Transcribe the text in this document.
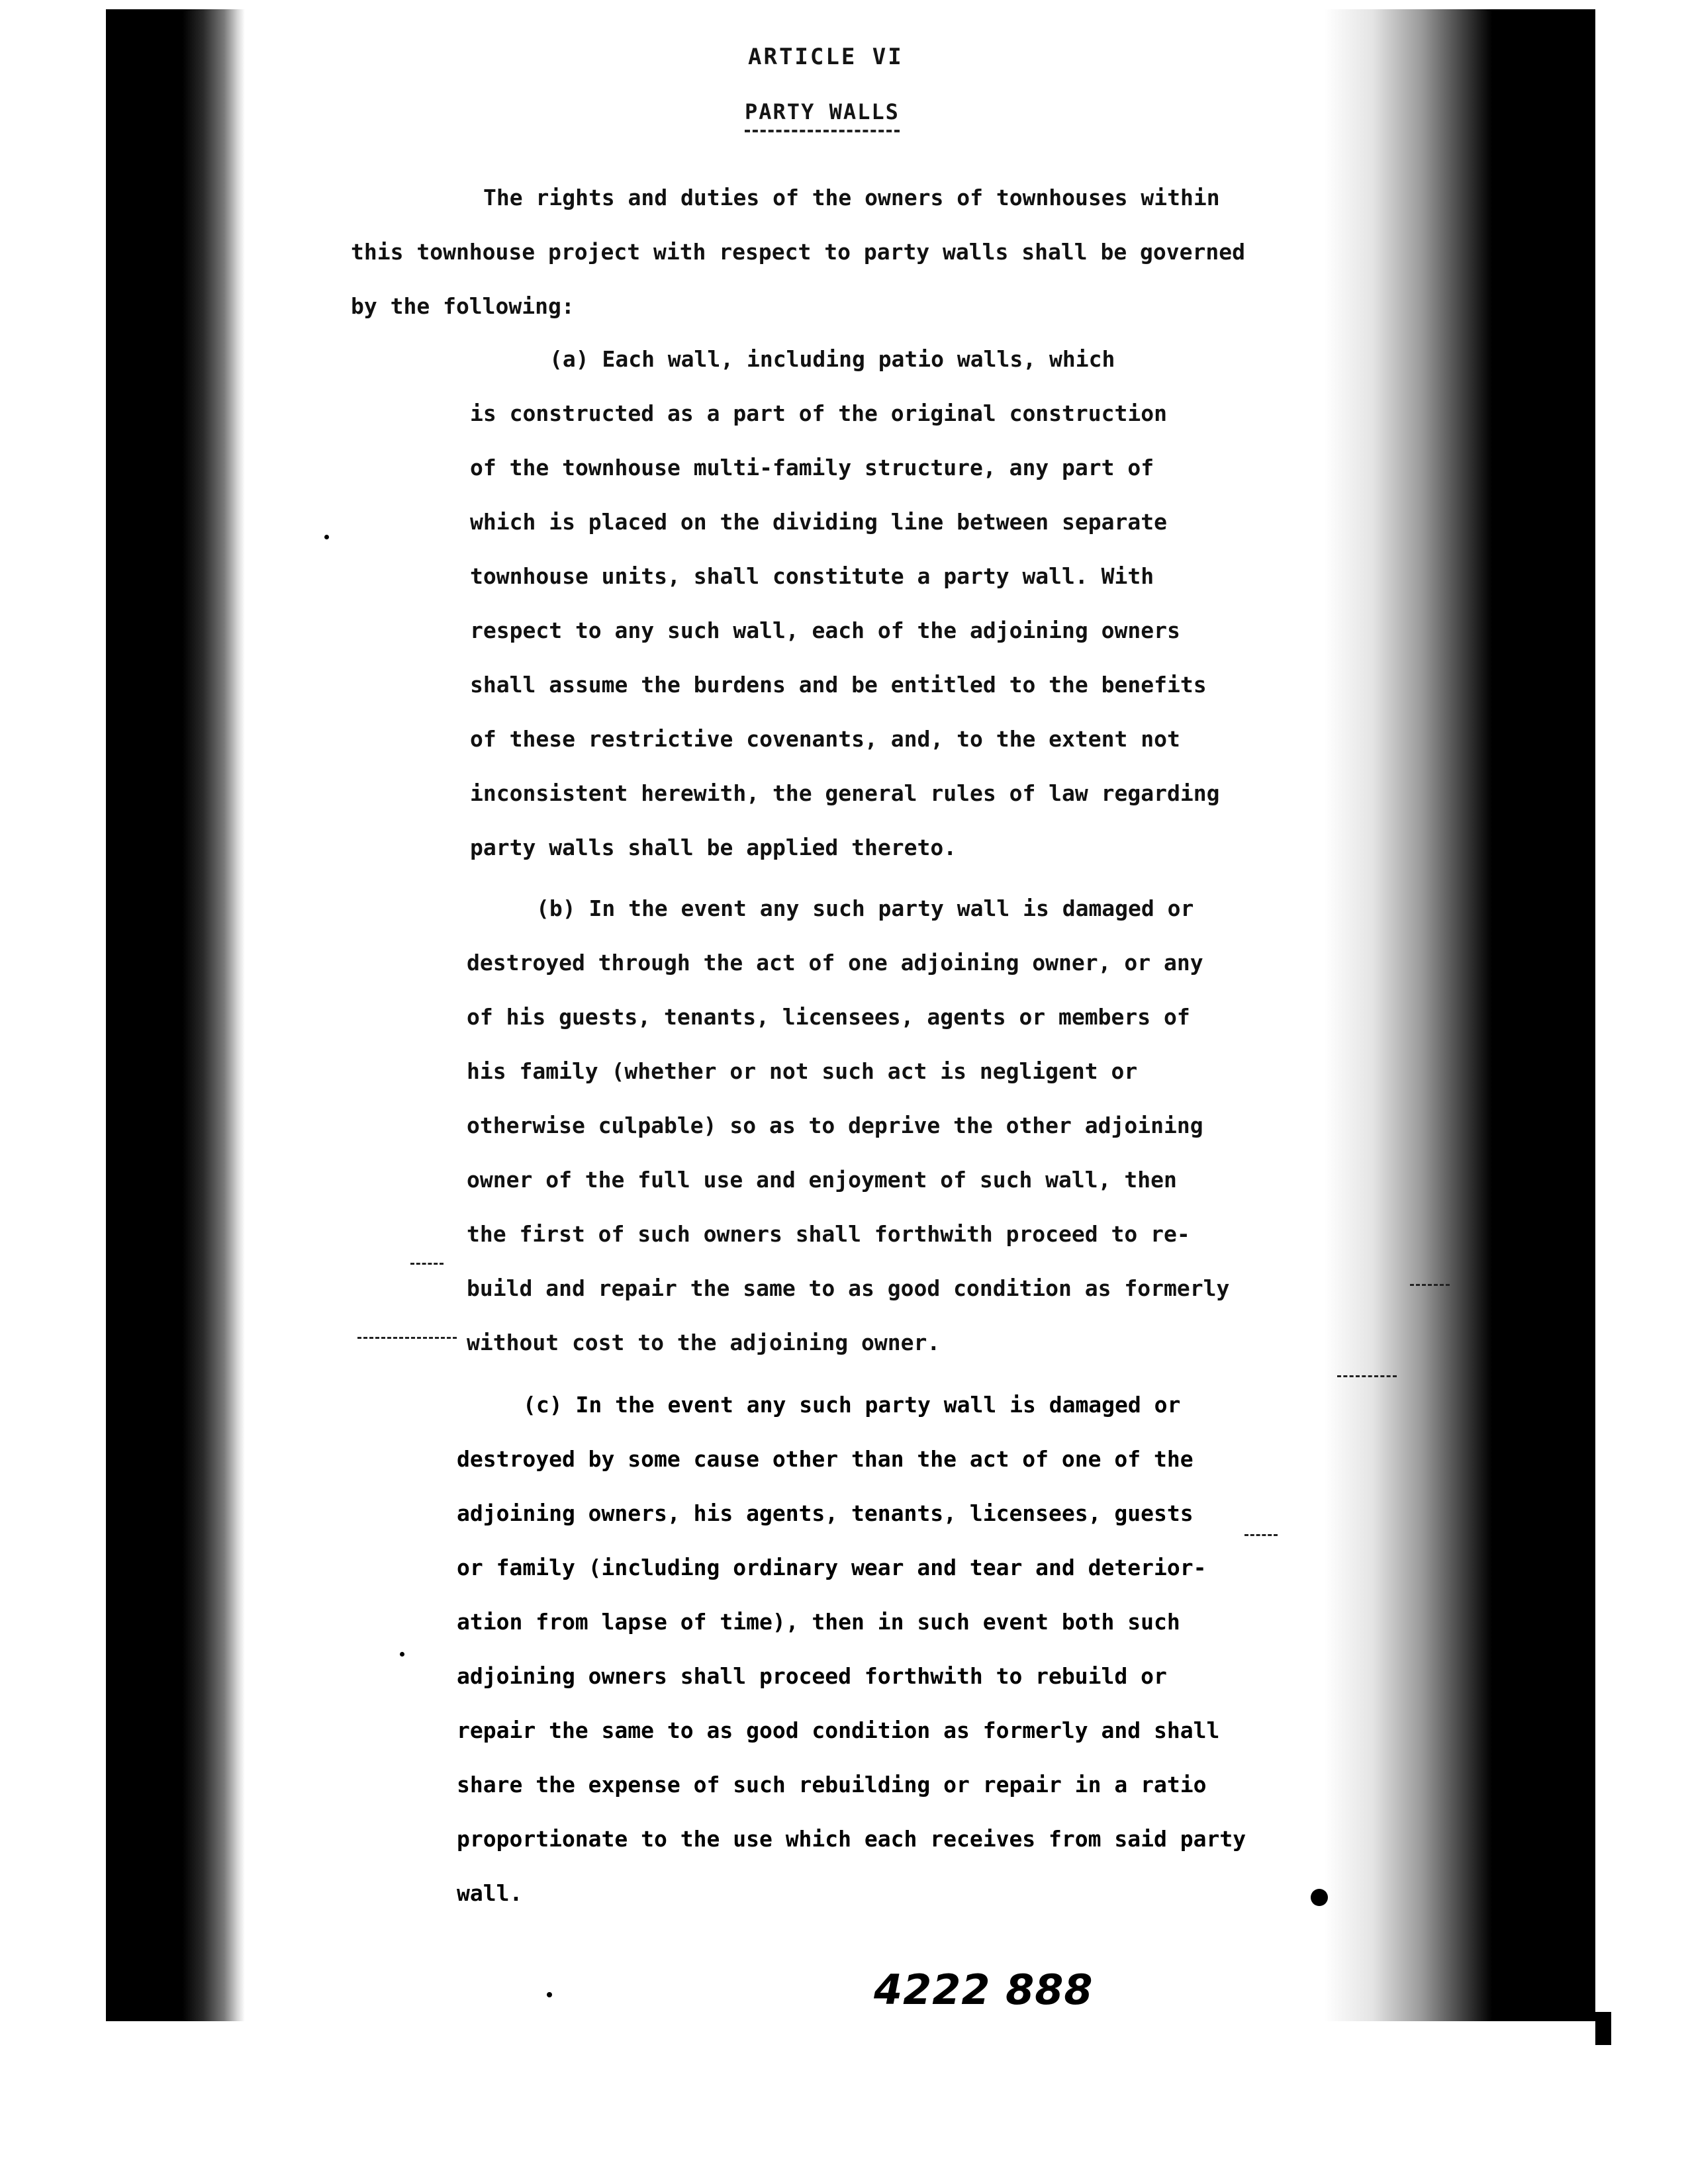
ARTICLE VI
PARTY WALLS
The rights and duties of the owners of townhouses within
this townhouse project with respect to party walls shall be governed
by the following:
(a) Each wall, including patio walls, which
is constructed as a part of the original construction
of the townhouse multi-family structure, any part of
which is placed on the dividing line between separate
townhouse units, shall constitute a party wall. With
respect to any such wall, each of the adjoining owners
shall assume the burdens and be entitled to the benefits
of these restrictive covenants, and, to the extent not
inconsistent herewith, the general rules of law regarding
party walls shall be applied thereto.
(b) In the event any such party wall is damaged or
destroyed through the act of one adjoining owner, or any
of his guests, tenants, licensees, agents or members of
his family (whether or not such act is negligent or
otherwise culpable) so as to deprive the other adjoining
owner of the full use and enjoyment of such wall, then
the first of such owners shall forthwith proceed to re-
build and repair the same to as good condition as formerly
without cost to the adjoining owner.
(c) In the event any such party wall is damaged or
destroyed by some cause other than the act of one of the
adjoining owners, his agents, tenants, licensees, guests
or family (including ordinary wear and tear and deterior-
ation from lapse of time), then in such event both such
adjoining owners shall proceed forthwith to rebuild or
repair the same to as good condition as formerly and shall
share the expense of such rebuilding or repair in a ratio
proportionate to the use which each receives from said party
wall.
4222 888
